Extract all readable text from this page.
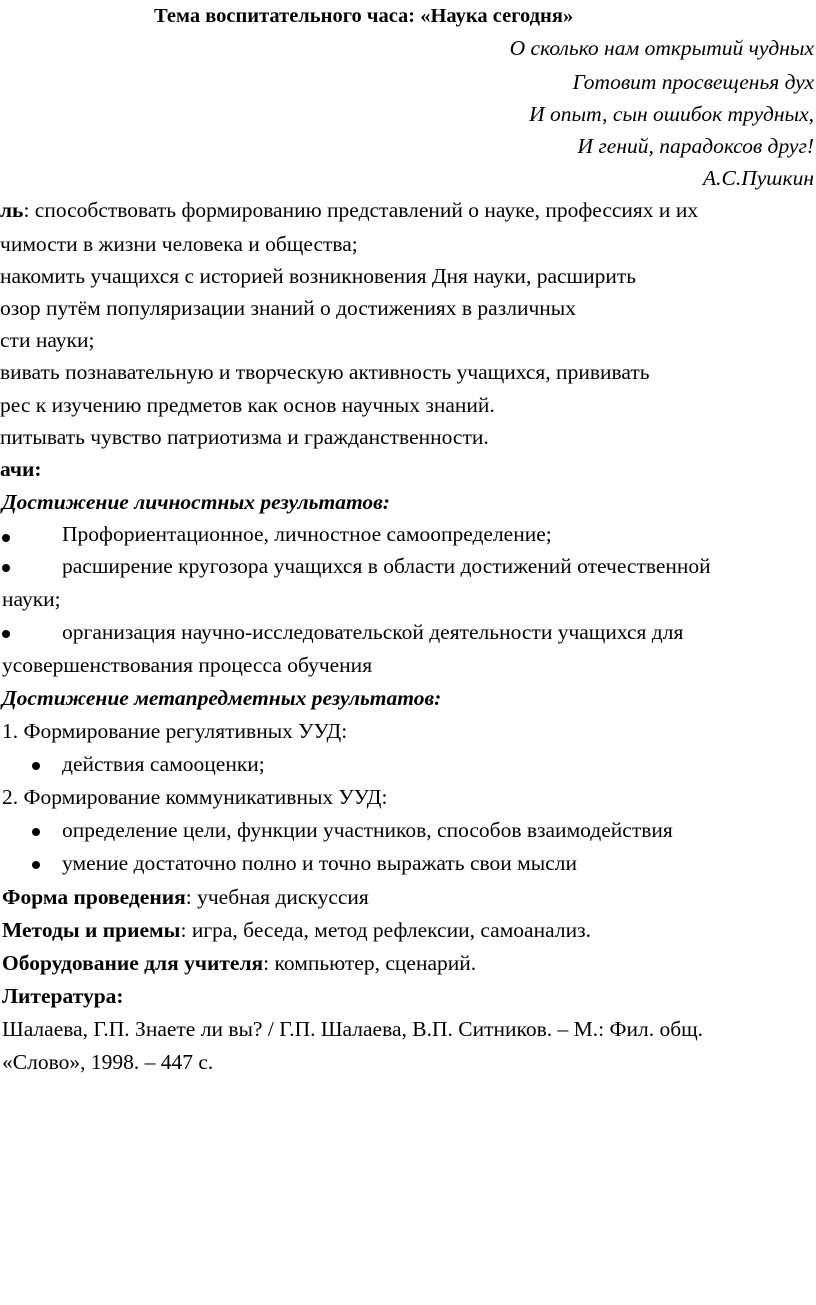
Тема воспитательного часа: «Наука сегодня»
О сколько нам открытий чудных
Готовит просвещенья дух
И опыт, сын ошибок трудных,
И гений, парадоксов друг!
А.С.Пушкин
ль: способствовать формированию представлений о науке, профессиях и их
чимости в жизни человека и общества;
накомить учащихся с историей возникновения Дня науки, расширить
озор путём популяризации знаний о достижениях в различных
сти науки;
вивать познавательную и творческую активность учащихся, прививать
рес к изучению предметов как основ научных знаний.
питывать чувство патриотизма и гражданственности.
ачи:
Достижение личностных результатов:
Профориентационное, личностное самоопределение;
расширение кругозора учащихся в области достижений отечественной
науки;
организация научно-исследовательской деятельности учащихся для
усовершенствования процесса обучения
Достижение метапредметных результатов:
1. Формирование регулятивных УУД:
действия самооценки;
2. Формирование коммуникативных УУД:
определение цели, функции участников, способов взаимодействия
умение достаточно полно и точно выражать свои мысли
Форма проведения: учебная дискуссия
Методы и приемы: игра, беседа, метод рефлексии, самоанализ.
Оборудование для учителя: компьютер, сценарий.
Литература:
Шалаева, Г.П. Знаете ли вы? / Г.П. Шалаева, В.П. Ситников. – М.: Фил. общ.
«Слово», 1998. – 447 с.
